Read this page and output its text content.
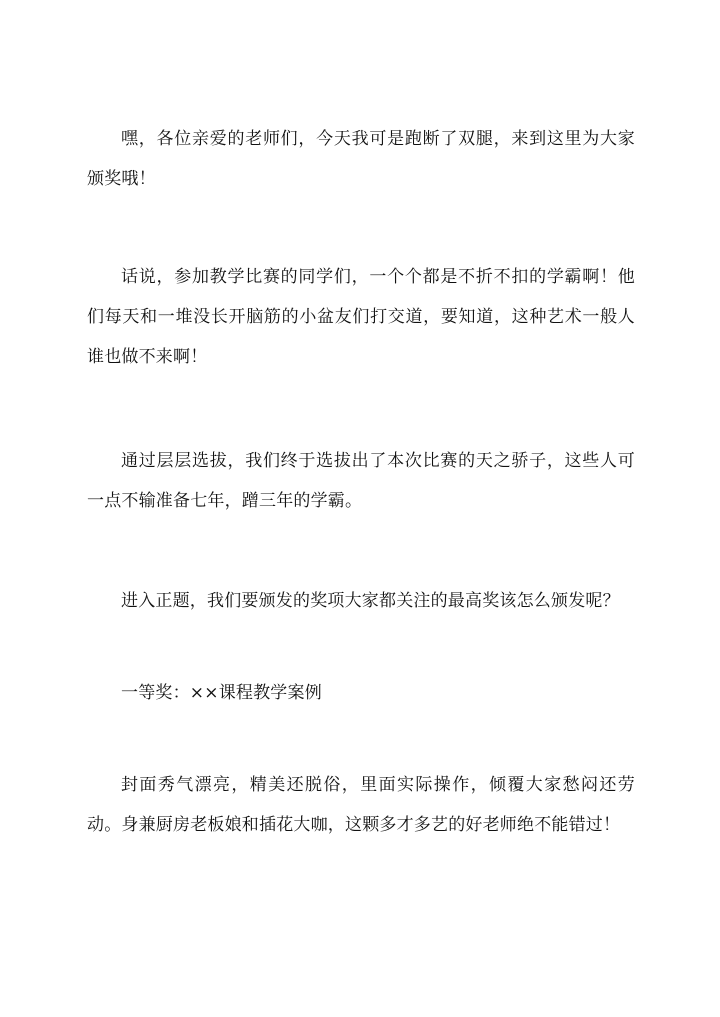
嘿，各位亲爱的老师们，今天我可是跑断了双腿，来到这里为大家颁奖哦！

话说，参加教学比赛的同学们，一个个都是不折不扣的学霸啊！他们每天和一堆没长开脑筋的小盆友们打交道，要知道，这种艺术一般人谁也做不来啊！

通过层层选拔，我们终于选拔出了本次比赛的天之骄子，这些人可一点不输准备七年，蹭三年的学霸。

进入正题，我们要颁发的奖项大家都关注的最高奖该怎么颁发呢？

一等奖：××课程教学案例

封面秀气漂亮，精美还脱俗，里面实际操作，倾覆大家愁闷还劳动。身兼厨房老板娘和插花大咖，这颗多才多艺的好老师绝不能错过！
